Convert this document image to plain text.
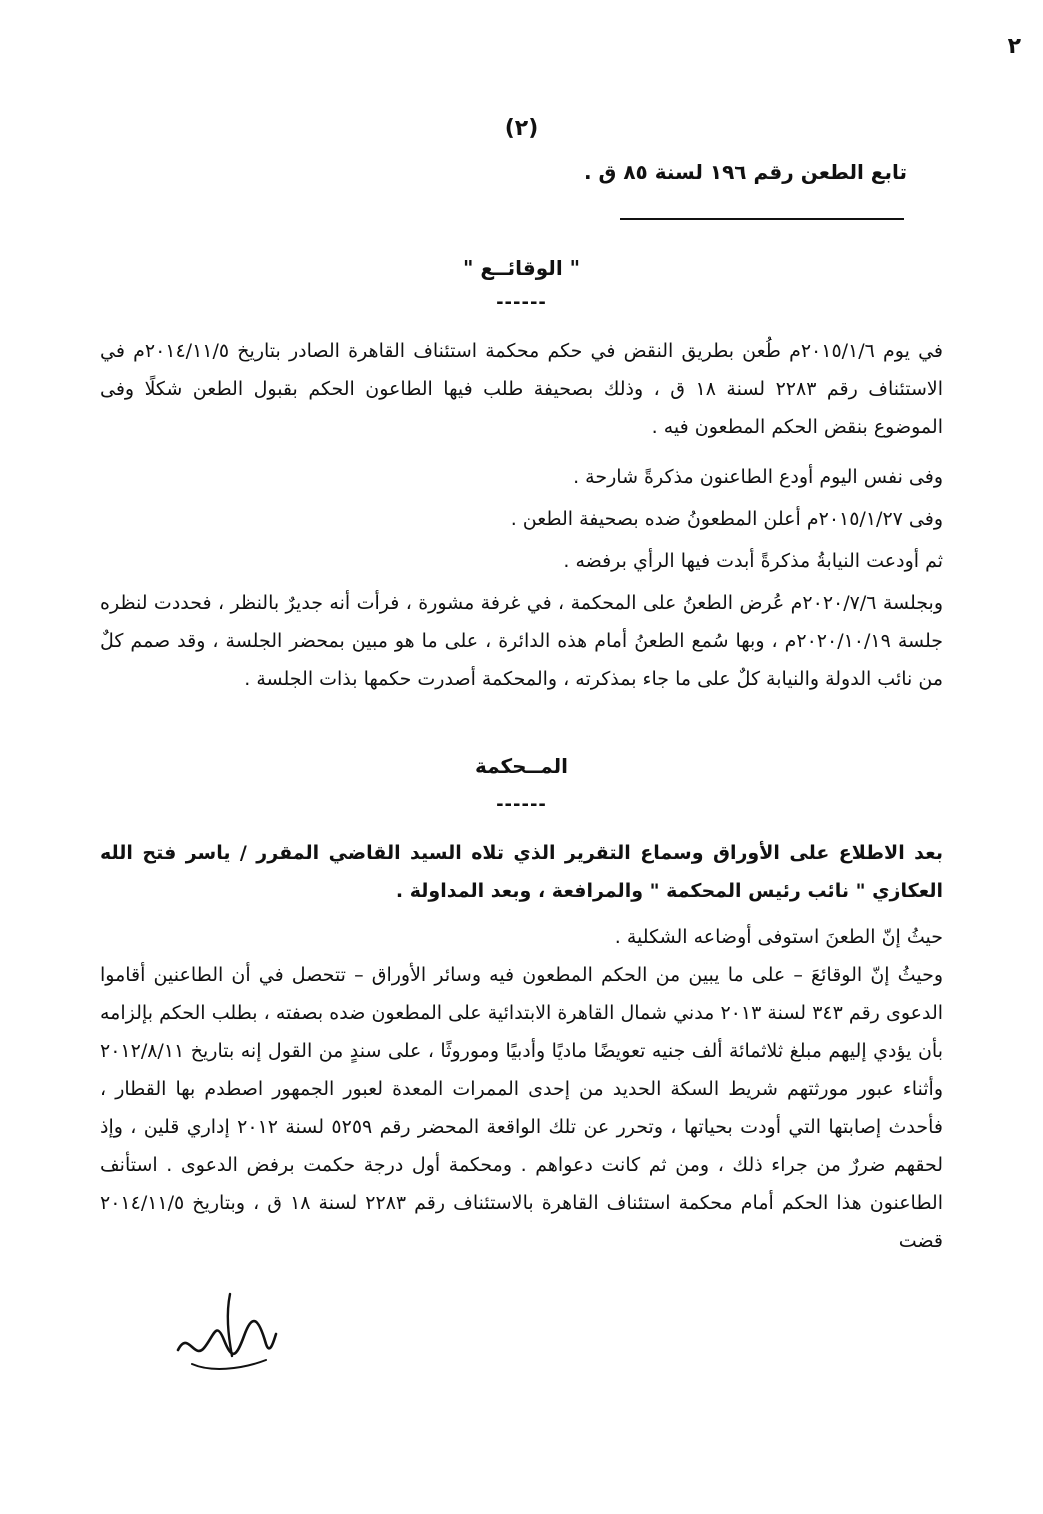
٢
(٢)
تابع الطعن رقم ١٩٦ لسنة ٨٥ ق .
" الوقائــع "
------
في يوم ٢٠١٥/١/٦م طُعن بطريق النقض في حكم محكمة استئناف القاهرة الصادر بتاريخ ٢٠١٤/١١/٥م في الاستئناف رقم ٢٢٨٣ لسنة ١٨ ق ، وذلك بصحيفة طلب فيها الطاعون الحكم بقبول الطعن شكلًا وفى الموضوع بنقض الحكم المطعون فيه .
وفى نفس اليوم أودع الطاعنون مذكرةً شارحة .
وفى ٢٠١٥/١/٢٧م أعلن المطعونُ ضده بصحيفة الطعن .
ثم أودعت النيابةُ مذكرةً أبدت فيها الرأي برفضه .
وبجلسة ٢٠٢٠/٧/٦م عُرض الطعنُ على المحكمة ، في غرفة مشورة ، فرأت أنه جديرٌ بالنظر ، فحددت لنظره جلسة ٢٠٢٠/١٠/١٩م ، وبها سُمع الطعنُ أمام هذه الدائرة ، على ما هو مبين بمحضر الجلسة ، وقد صمم كلٌ من نائب الدولة والنيابة كلٌ على ما جاء بمذكرته ، والمحكمة أصدرت حكمها بذات الجلسة .
المــحكمة
------
بعد الاطلاع على الأوراق وسماع التقرير الذي تلاه السيد القاضي المقرر / ياسر فتح الله العكازي " نائب رئيس المحكمة " والمرافعة ، وبعد المداولة .
حيثُ إنّ الطعنَ استوفى أوضاعه الشكلية .
وحيثُ إنّ الوقائعَ – على ما يبين من الحكم المطعون فيه وسائر الأوراق – تتحصل في أن الطاعنين أقاموا الدعوى رقم ٣٤٣ لسنة ٢٠١٣ مدني شمال القاهرة الابتدائية على المطعون ضده بصفته ، بطلب الحكم بإلزامه بأن يؤدي إليهم مبلغ ثلاثمائة ألف جنيه تعويضًا ماديًا وأدبيًا وموروثًا ، على سندٍ من القول إنه بتاريخ ٢٠١٢/٨/١١ وأثناء عبور مورثتهم شريط السكة الحديد من إحدى الممرات المعدة لعبور الجمهور اصطدم بها القطار ، فأحدث إصابتها التي أودت بحياتها ، وتحرر عن تلك الواقعة المحضر رقم ٥٢٥٩ لسنة ٢٠١٢ إداري قلين ، وإذ لحقهم ضررٌ من جراء ذلك ، ومن ثم كانت دعواهم . ومحكمة أول درجة حكمت برفض الدعوى . استأنف الطاعنون هذا الحكم أمام محكمة استئناف القاهرة بالاستئناف رقم ٢٢٨٣ لسنة ١٨ ق ، وبتاريخ ٢٠١٤/١١/٥ قضت
